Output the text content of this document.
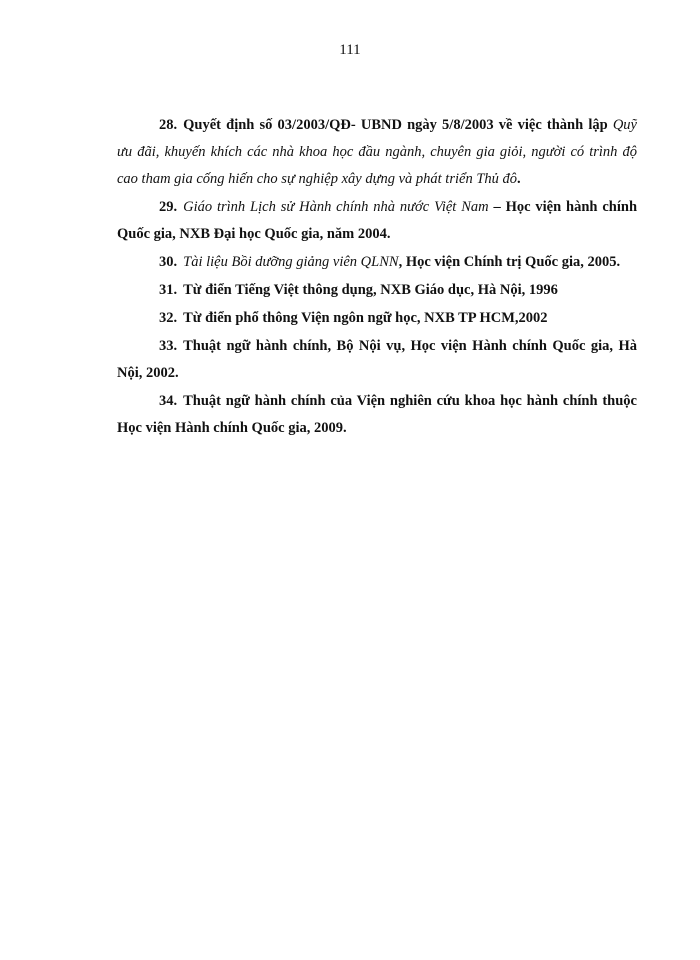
111

28. Quyết định số 03/2003/QĐ- UBND ngày 5/8/2003 về việc thành lập Quỹ ưu đãi, khuyến khích các nhà khoa học đầu ngành, chuyên gia giỏi, người có trình độ cao tham gia cống hiến cho sự nghiệp xây dựng và phát triển Thủ đô.

29. Giáo trình Lịch sử Hành chính nhà nước Việt Nam – Học viện hành chính Quốc gia, NXB Đại học Quốc gia, năm 2004.

30. Tài liệu Bồi dưỡng giảng viên QLNN, Học viện Chính trị Quốc gia, 2005.

31. Từ điển Tiếng Việt thông dụng, NXB Giáo dục, Hà Nội, 1996

32. Từ điển phổ thông Viện ngôn ngữ học, NXB TP HCM,2002

33. Thuật ngữ hành chính, Bộ Nội vụ, Học viện Hành chính Quốc gia, Hà Nội, 2002.

34. Thuật ngữ hành chính của Viện nghiên cứu khoa học hành chính thuộc Học viện Hành chính Quốc gia, 2009.
